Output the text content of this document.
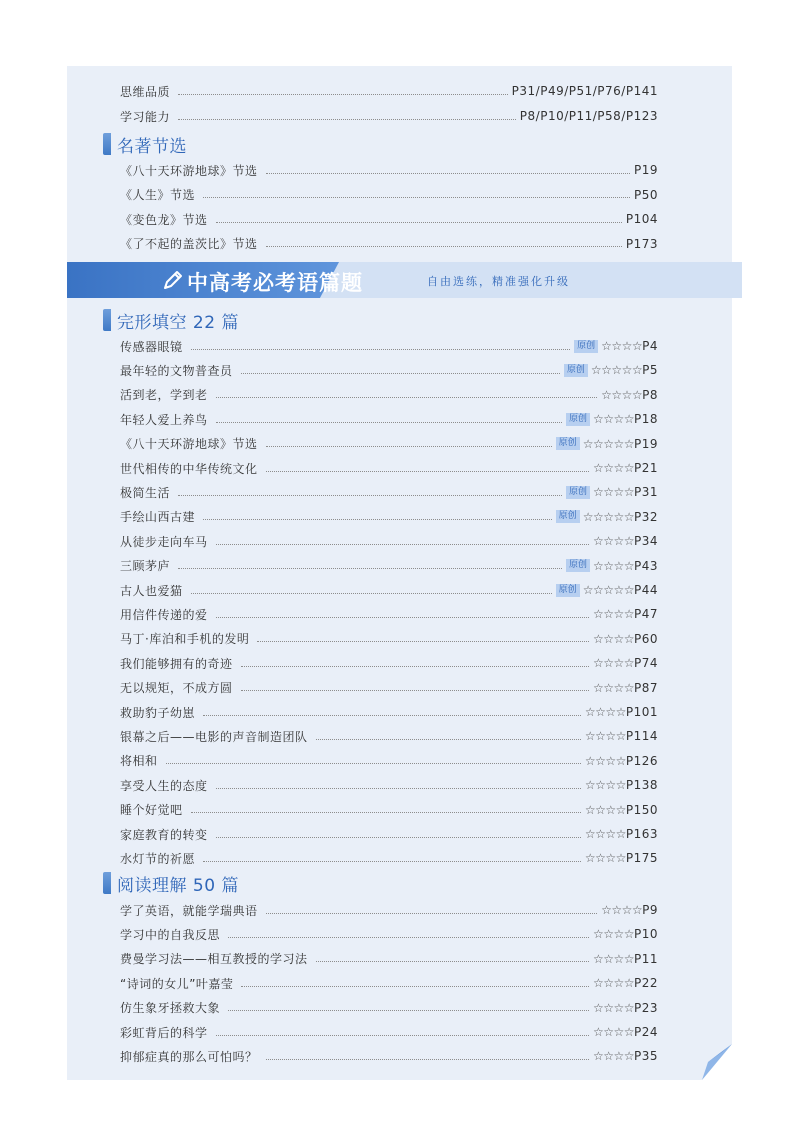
思维品质	P31/P49/P51/P76/P141
学习能力	P8/P10/P11/P58/P123
名著节选
《八十天环游地球》节选	P19
《人生》节选	P50
《变色龙》节选	P104
《了不起的盖茨比》节选	P173
中高考必考语篇题	自由选练，精准强化升级
完形填空 22 篇
传感器眼镜	原创 ☆☆☆☆ P4
最年轻的文物普查员	原创 ☆☆☆☆☆ P5
活到老，学到老	☆☆☆☆ P8
年轻人爱上养鸟	原创 ☆☆☆☆ P18
《八十天环游地球》节选	原创 ☆☆☆☆☆ P19
世代相传的中华传统文化	☆☆☆☆ P21
极简生活	原创 ☆☆☆☆ P31
手绘山西古建	原创 ☆☆☆☆☆ P32
从徒步走向车马	☆☆☆☆ P34
三顾茅庐	原创 ☆☆☆☆ P43
古人也爱猫	原创 ☆☆☆☆☆ P44
用信件传递的爱	☆☆☆☆ P47
马丁·库泊和手机的发明	☆☆☆☆ P60
我们能够拥有的奇迹	☆☆☆☆ P74
无以规矩，不成方圆	☆☆☆☆ P87
救助豹子幼崽	☆☆☆☆ P101
银幕之后——电影的声音制造团队	☆☆☆☆ P114
将相和	☆☆☆☆ P126
享受人生的态度	☆☆☆☆ P138
睡个好觉吧	☆☆☆☆ P150
家庭教育的转变	☆☆☆☆ P163
水灯节的祈愿	☆☆☆☆ P175
阅读理解 50 篇
学了英语，就能学瑞典语	☆☆☆☆ P9
学习中的自我反思	☆☆☆☆ P10
费曼学习法——相互教授的学习法	☆☆☆☆ P11
“诗词的女儿”叶嘉莹	☆☆☆☆ P22
仿生象牙拯救大象	☆☆☆☆ P23
彩虹背后的科学	☆☆☆☆ P24
抑郁症真的那么可怕吗？	☆☆☆☆ P35
